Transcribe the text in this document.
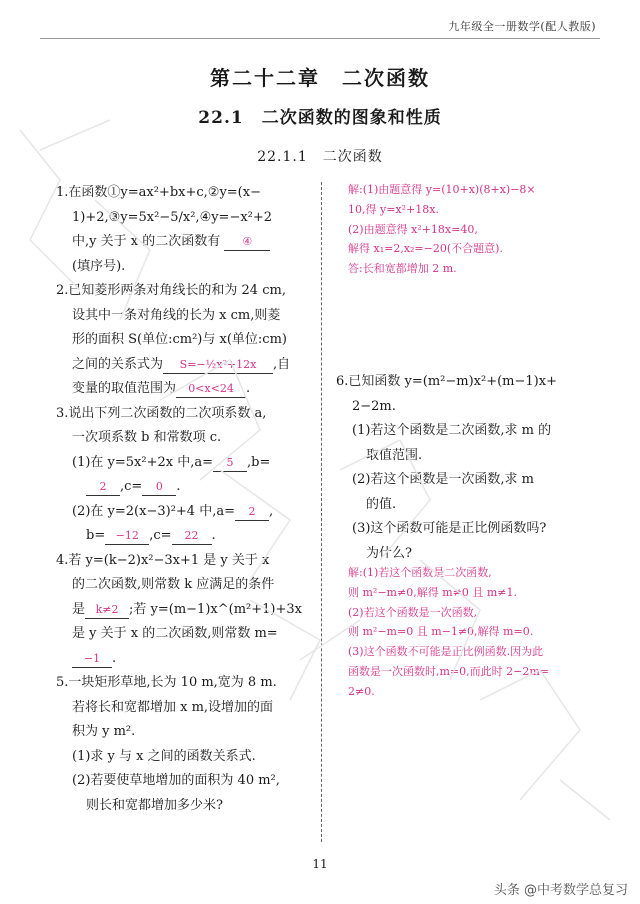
九年级全一册数学(配人教版)
第二十二章　二次函数
22.1　二次函数的图象和性质
22.1.1　二次函数

1.在函数①y=ax²+bx+c,②y=(x−

1)+2,③y=5x²−5/x²,④y=−x²+2

中,y 关于 x 的二次函数有 ④

(填序号).

2.已知菱形两条对角线长的和为 24 cm,

设其中一条对角线的长为 x cm,则菱

形的面积 S(单位:cm²)与 x(单位:cm)

之间的关系式为 S=−½x²+12x ,自

变量的取值范围为 0<x<24 .

3.说出下列二次函数的二次项系数 a,

一次项系数 b 和常数项 c.

(1)在 y=5x²+2x 中,a= 5 ,b=

2 ,c= 0 .

(2)在 y=2(x−3)²+4 中,a= 2 ,

b= −12 ,c= 22 .

4.若 y=(k−2)x²−3x+1 是 y 关于 x

的二次函数,则常数 k 应满足的条件

是 k≠2 ;若 y=(m−1)x^(m²+1)+3x

是 y 关于 x 的二次函数,则常数 m=

−1 .

5.一块矩形草地,长为 10 m,宽为 8 m.

若将长和宽都增加 x m,设增加的面

积为 y m².

(1)求 y 与 x 之间的函数关系式.

(2)若要使草地增加的面积为 40 m²,

则长和宽都增加多少米?

解:(1)由题意得 y=(10+x)(8+x)−8×

10,得 y=x²+18x.

(2)由题意得 x²+18x=40,

解得 x₁=2,x₂=−20(不合题意).

答:长和宽都增加 2 m.

6.已知函数 y=(m²−m)x²+(m−1)x+

2−2m.

(1)若这个函数是二次函数,求 m 的

取值范围.

(2)若这个函数是一次函数,求 m

的值.

(3)这个函数可能是正比例函数吗?

为什么?

解:(1)若这个函数是二次函数,

则 m²−m≠0,解得 m≠0 且 m≠1.

(2)若这个函数是一次函数,

则 m²−m=0 且 m−1≠0,解得 m=0.

(3)这个函数不可能是正比例函数.因为此

函数是一次函数时,m=0,而此时 2−2m=

2≠0.

11
头条 @中考数学总复习
